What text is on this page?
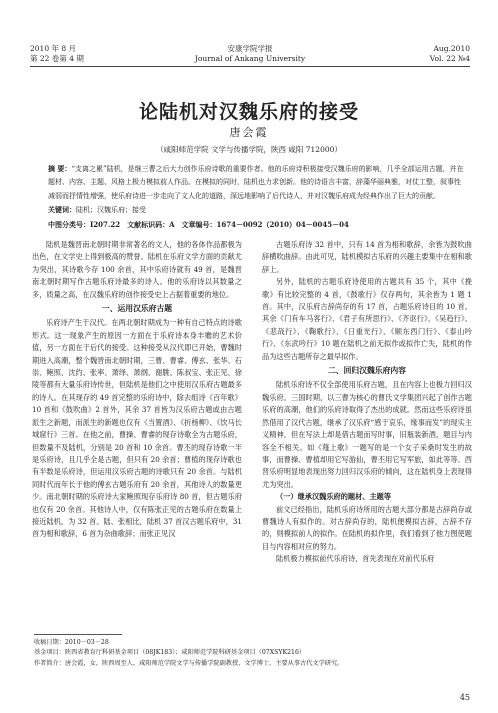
2010 年 8 月
第 22 卷第 4 期
安康学院学报
Journal of Ankang University
Aug.2010
Vol. 22 №4
论陆机对汉魏乐府的接受
唐会霞
（咸阳师范学院 文学与传播学院，陕西 咸阳 712000）
摘 要：“支离之累”陆机，是继三曹之后大力创作乐府诗歌的重要作者。他的乐府诗积极接受汉魏乐府的影响，几乎全部运用古题，并在题材、内容、主题、风格上极力模拟前人作品。在模拟的同时，陆机也力求创新。他的诗语言丰富，辞藻华丽典雅，对仗工整，叙事性减弱而抒情性增强，使乐府诗进一步走向了文人化的道路，深远地影响了后代诗人，并对汉魏乐府成为经典作出了巨大的贡献。
关键词：陆机；汉魏乐府；接受
中图分类号：I207.22　文献标识码：A　文章编号：1674－0092（2010）04－0045－04

陆机是魏晋南北朝时期非常著名的文人，他的各体作品都极为出色，在文学史上得到极高的赞誉。陆机在乐府文学方面的贡献尤为突出，其诗歌今存 100 余首，其中乐府诗就有 49 首，是魏晋南北朝时期写作古题乐府诗最多的诗人。他的乐府诗以其数量之多，质量之高，在汉魏乐府的创作接受史上占据着重要的地位。

一、运用汉乐府古题

乐府诗产生于汉代。在两北朝时期成为一种有自己特点的诗歌形式。这一现象产生的原因一方面在于乐府诗本身丰赡的艺术价值，另一方面在于后代的接受。这种接受从汉代即已开始，曹魏时期进入高潮，整个魏晋南北朝时期，三曹、曹睿、傅玄、张华、石崇、鲍照、沈约、张率、萧绎、萧纲、谢朓、陈叔宝、张正见、徐陵等都有大量乐府诗传世，但陆机是他们之中使用汉乐府古题最多的诗人。在其现存的 49 首完整的乐府诗中，除去组诗《百年歌》10 首和《鼓吹曲》2 首外，其余 37 首皆为汉乐府古题或由古题派生之新题，而派生的新题也仅有《当置酒》、《折杨柳》、《饮马长城窟行》三首。在他之前，曹操、曹睿的现存诗歌全为古题乐府，但数量不及陆机，分别是 20 首和 10 余首。曹丕的现存诗歌一半是乐府诗，且几乎全是古题，但只有 20 余首；曹植的现存诗歌也有半数是乐府诗，但运用汉乐府古题的诗歌只有 20 余首。与陆机同时代而年长于他的傅玄古题乐府有 20 余首，其他诗人的数量更少。南北朝时期的乐府诗大家鲍照现存乐府诗 80 首，但古题乐府也仅有 20 余首。其他诗人中，仅有陈张正见的古题乐府在数量上接近陆机，为 32 首。陆、张相比，陆机 37 首汉古题乐府中，31 首为相和歌辞，6 首为杂曲歌辞；而张正见汉

古题乐府诗 32 首中，只有 14 首为相和歌辞，余皆为鼓吹曲辞横吹曲辞。由此可见，陆机模拟古乐府的兴趣主要集中在相和歌辞上。

另外，陆机的古题乐府诗使用的古题共有 35 个，其中《挽歌》有比较完整的 4 首，《鼓歌行》仅存两句，其余皆为 1 题 1 首。其中，汉乐府古辞尚存的有 17 首，占题乐府诗目的 10 首。其余《门有车马客行》、《君子有所思行》、《齐讴行》、《吴趋行》、《悲哉行》、《鞠歌行》、《日重光行》、《顺东西门行》、《泰山吟行》、《东武吟行》10 题在陆机之前无拟作或拟作亡失，陆机的作品为这些古题所存之最早拟作。

二、回归汉魏乐府内容

陆机乐府诗不仅全部使用乐府古题，且在内容上也极力回归汉魏乐府。三国时期，以三曹为核心的曹氏文学集团兴起了创作古题乐府的高潮，他们的乐府诗取得了杰出的成就。然而这些乐府诗虽然借用了汉代古题，继承了汉乐府“感于哀乐，缘事而发”的现实主义精神，但在写法上却是借古题而写时事，旧瓶装新酒，题目与内容全不相关。如《薤上歌》一题写的是一个女子采桑时发生的故事，而曹操、曹植却用它写游仙，曹丕用它写军旅，如此等等。西晋乐府明显地表现出努力回归汉乐府的倾向，这在陆机身上表现得尤为突出。

（一）继承汉魏乐府的题材、主题等

前文已经指出，陆机乐府诗所用的古题大部分都是古辞尚存或曹魏诗人有拟作的。对古辞尚存的，陆机便模拟古辞，古辞不存的，则模拟前人的拟作。在陆机的拟作里，我们看到了他力图使题目与内容相对应的努力。

陆机极力模拟前代乐府诗，首先表现在对前代乐府

收稿日期：2010－03－28
基金项目：陕西省教育厅科研基金项目（08JK183）；咸阳师范学院科研基金项目（07XSYK216）
作者简介：唐会霞，女，陕西周至人，咸阳师范学院文学与传播学院副教授，文学博士，主要从事古代文学研究。
45
